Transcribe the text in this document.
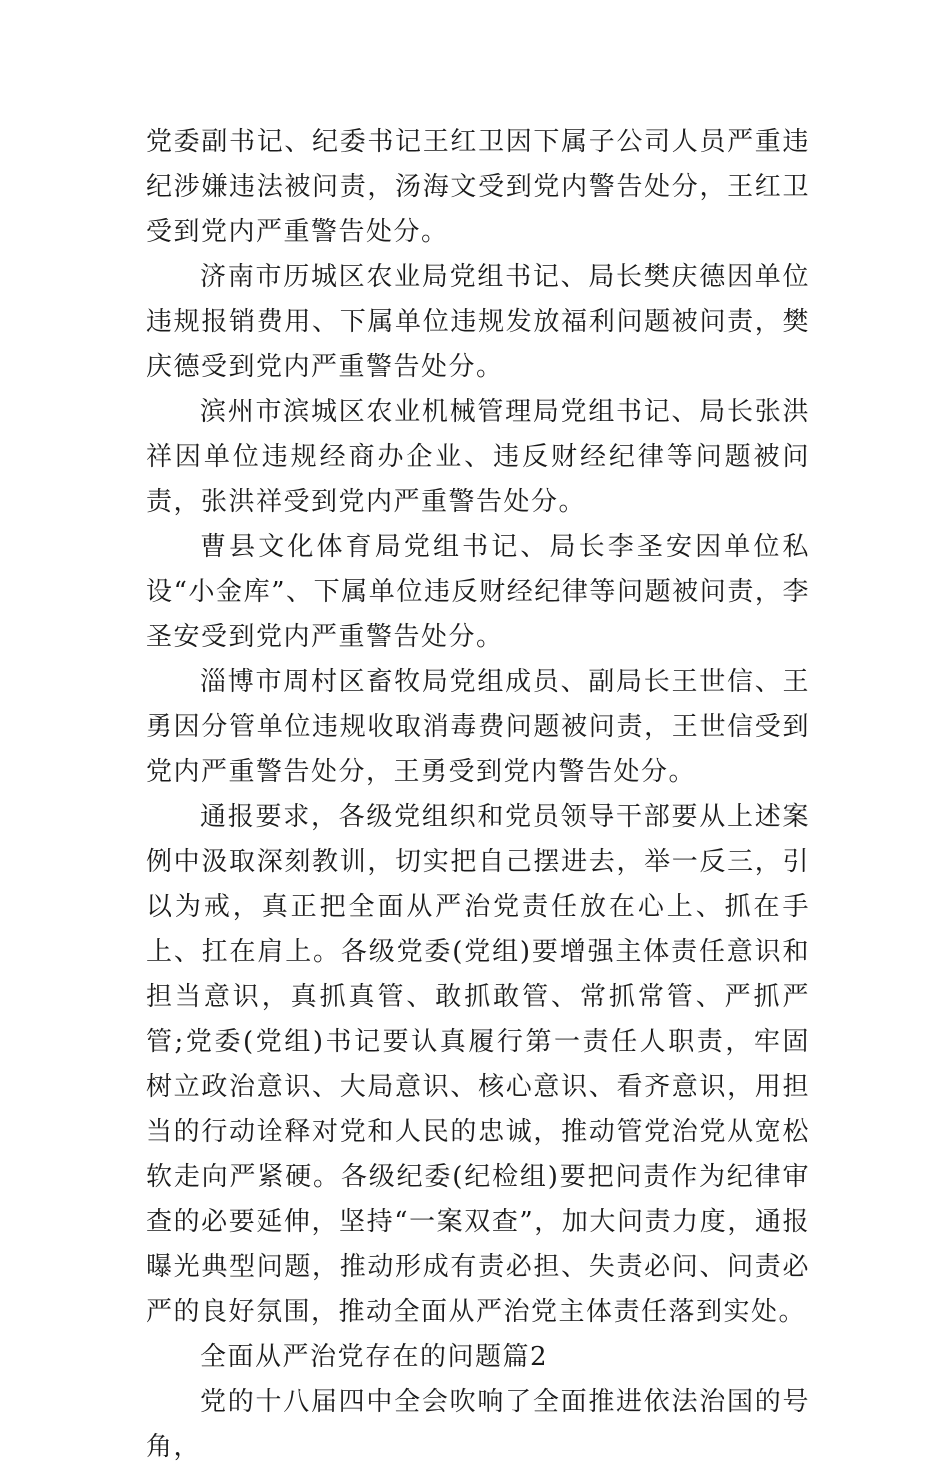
党委副书记、纪委书记王红卫因下属子公司人员严重违纪涉嫌违法被问责，汤海文受到党内警告处分，王红卫受到党内严重警告处分。

济南市历城区农业局党组书记、局长樊庆德因单位违规报销费用、下属单位违规发放福利问题被问责，樊庆德受到党内严重警告处分。

滨州市滨城区农业机械管理局党组书记、局长张洪祥因单位违规经商办企业、违反财经纪律等问题被问责，张洪祥受到党内严重警告处分。

曹县文化体育局党组书记、局长李圣安因单位私设“小金库”、下属单位违反财经纪律等问题被问责，李圣安受到党内严重警告处分。

淄博市周村区畜牧局党组成员、副局长王世信、王勇因分管单位违规收取消毒费问题被问责，王世信受到党内严重警告处分，王勇受到党内警告处分。

通报要求，各级党组织和党员领导干部要从上述案例中汲取深刻教训，切实把自己摆进去，举一反三，引以为戒，真正把全面从严治党责任放在心上、抓在手上、扛在肩上。各级党委(党组)要增强主体责任意识和担当意识，真抓真管、敢抓敢管、常抓常管、严抓严管;党委(党组)书记要认真履行第一责任人职责，牢固树立政治意识、大局意识、核心意识、看齐意识，用担当的行动诠释对党和人民的忠诚，推动管党治党从宽松软走向严紧硬。各级纪委(纪检组)要把问责作为纪律审查的必要延伸，坚持“一案双查”，加大问责力度，通报曝光典型问题，推动形成有责必担、失责必问、问责必严的良好氛围，推动全面从严治党主体责任落到实处。

全面从严治党存在的问题篇2

党的十八届四中全会吹响了全面推进依法治国的号角，
